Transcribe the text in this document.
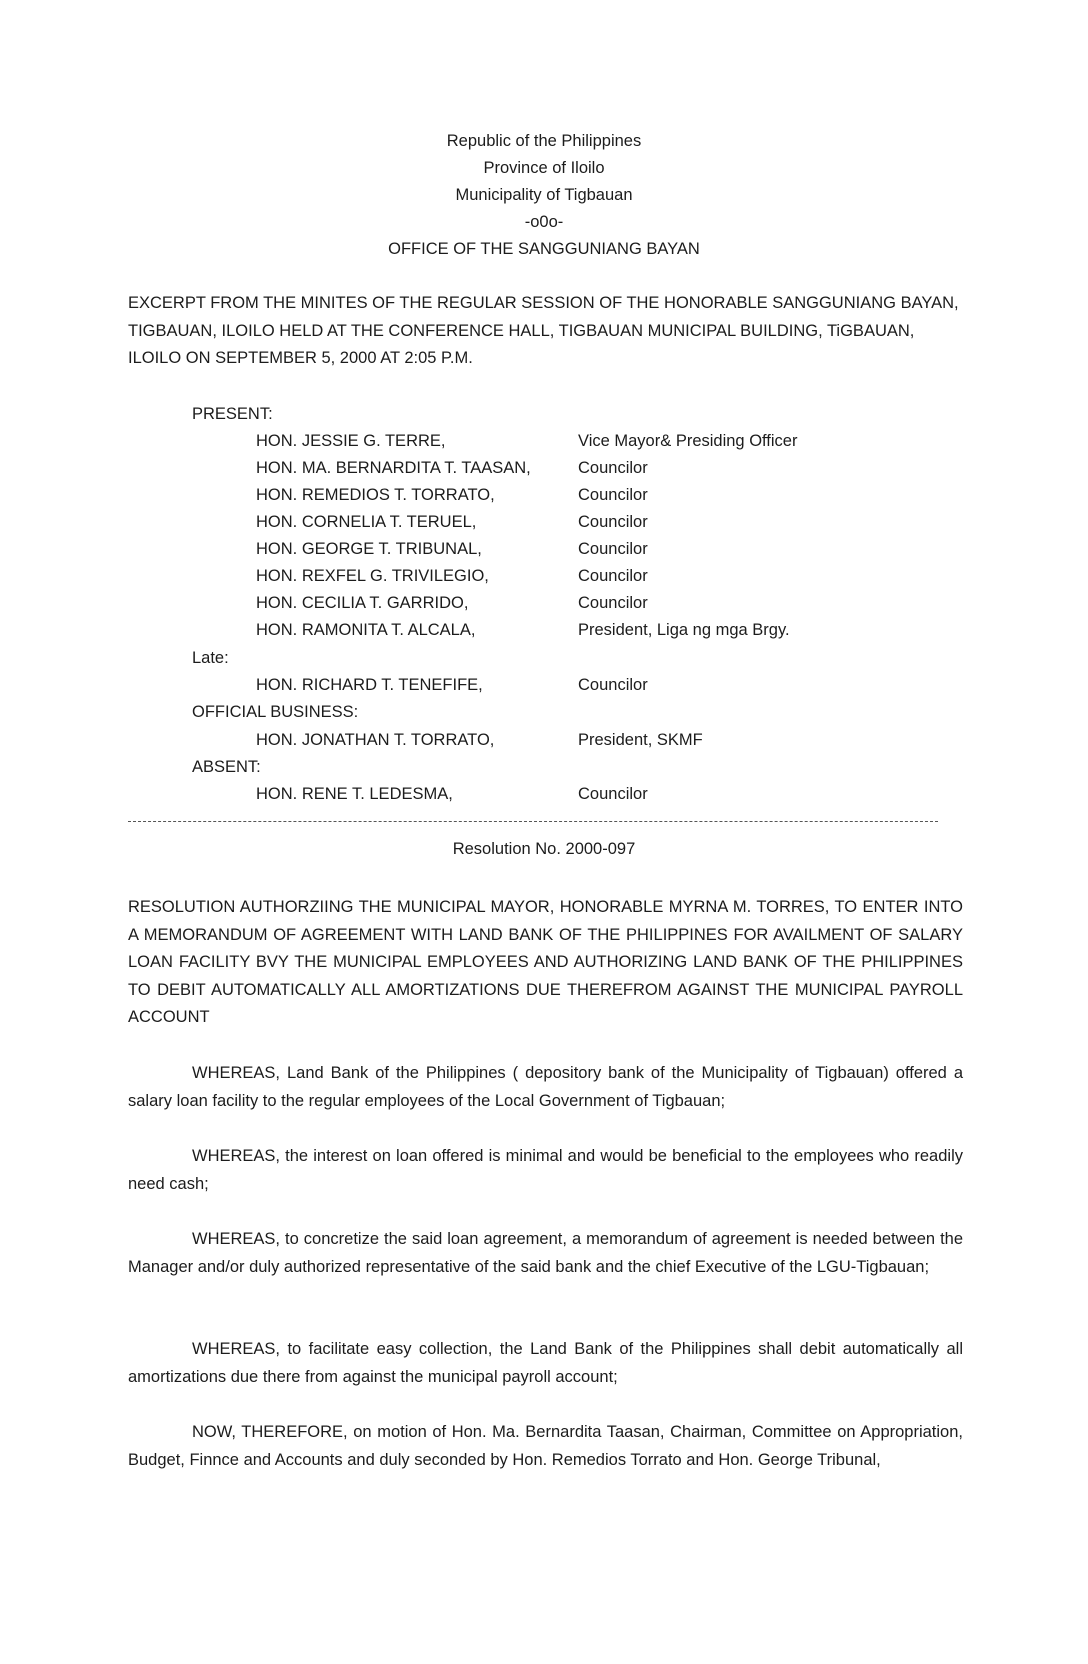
Republic of the Philippines

Province of Iloilo

Municipality of Tigbauan

-o0o-

OFFICE OF THE SANGGUNIANG BAYAN

EXCERPT FROM THE MINITES OF THE REGULAR SESSION OF THE HONORABLE SANGGUNIANG BAYAN, TIGBAUAN, ILOILO HELD AT THE CONFERENCE HALL, TIGBAUAN MUNICIPAL BUILDING, TiGBAUAN, ILOILO ON SEPTEMBER 5, 2000 AT 2:05 P.M.

PRESENT:
HON. JESSIE G. TERRE,	Vice Mayor& Presiding Officer
HON. MA. BERNARDITA T. TAASAN,	Councilor
HON. REMEDIOS T. TORRATO,	Councilor
HON. CORNELIA T. TERUEL,	Councilor
HON. GEORGE T. TRIBUNAL,	Councilor
HON. REXFEL G. TRIVILEGIO,	Councilor
HON. CECILIA T. GARRIDO,	Councilor
HON. RAMONITA T. ALCALA,	President, Liga ng mga Brgy.
Late:
HON. RICHARD T. TENEFIFE,	Councilor
OFFICIAL BUSINESS:
HON. JONATHAN T. TORRATO,	President, SKMF
ABSENT:
HON. RENE T. LEDESMA,	Councilor

Resolution No. 2000-097

RESOLUTION AUTHORZIING THE MUNICIPAL MAYOR, HONORABLE MYRNA M. TORRES, TO ENTER INTO A MEMORANDUM OF AGREEMENT WITH LAND BANK OF THE PHILIPPINES FOR AVAILMENT OF SALARY LOAN FACILITY BVY THE MUNICIPAL EMPLOYEES AND AUTHORIZING LAND BANK OF THE PHILIPPINES TO DEBIT AUTOMATICALLY ALL AMORTIZATIONS DUE THEREFROM AGAINST THE MUNICIPAL PAYROLL ACCOUNT

WHEREAS, Land Bank of the Philippines ( depository bank of the Municipality of Tigbauan) offered a salary loan facility to the regular employees of the Local Government of Tigbauan;

WHEREAS, the interest on loan offered is minimal and would be beneficial to the employees who readily need cash;

WHEREAS, to concretize the said loan agreement, a memorandum of agreement is needed between the Manager and/or duly authorized representative of the said bank and the chief Executive of the LGU-Tigbauan;

WHEREAS, to facilitate easy collection, the Land Bank of the Philippines shall debit automatically all amortizations due there from against the municipal payroll account;

NOW, THEREFORE, on motion of Hon. Ma. Bernardita Taasan, Chairman, Committee on Appropriation, Budget, Finnce and Accounts and duly seconded by Hon. Remedios Torrato and Hon. George Tribunal,
